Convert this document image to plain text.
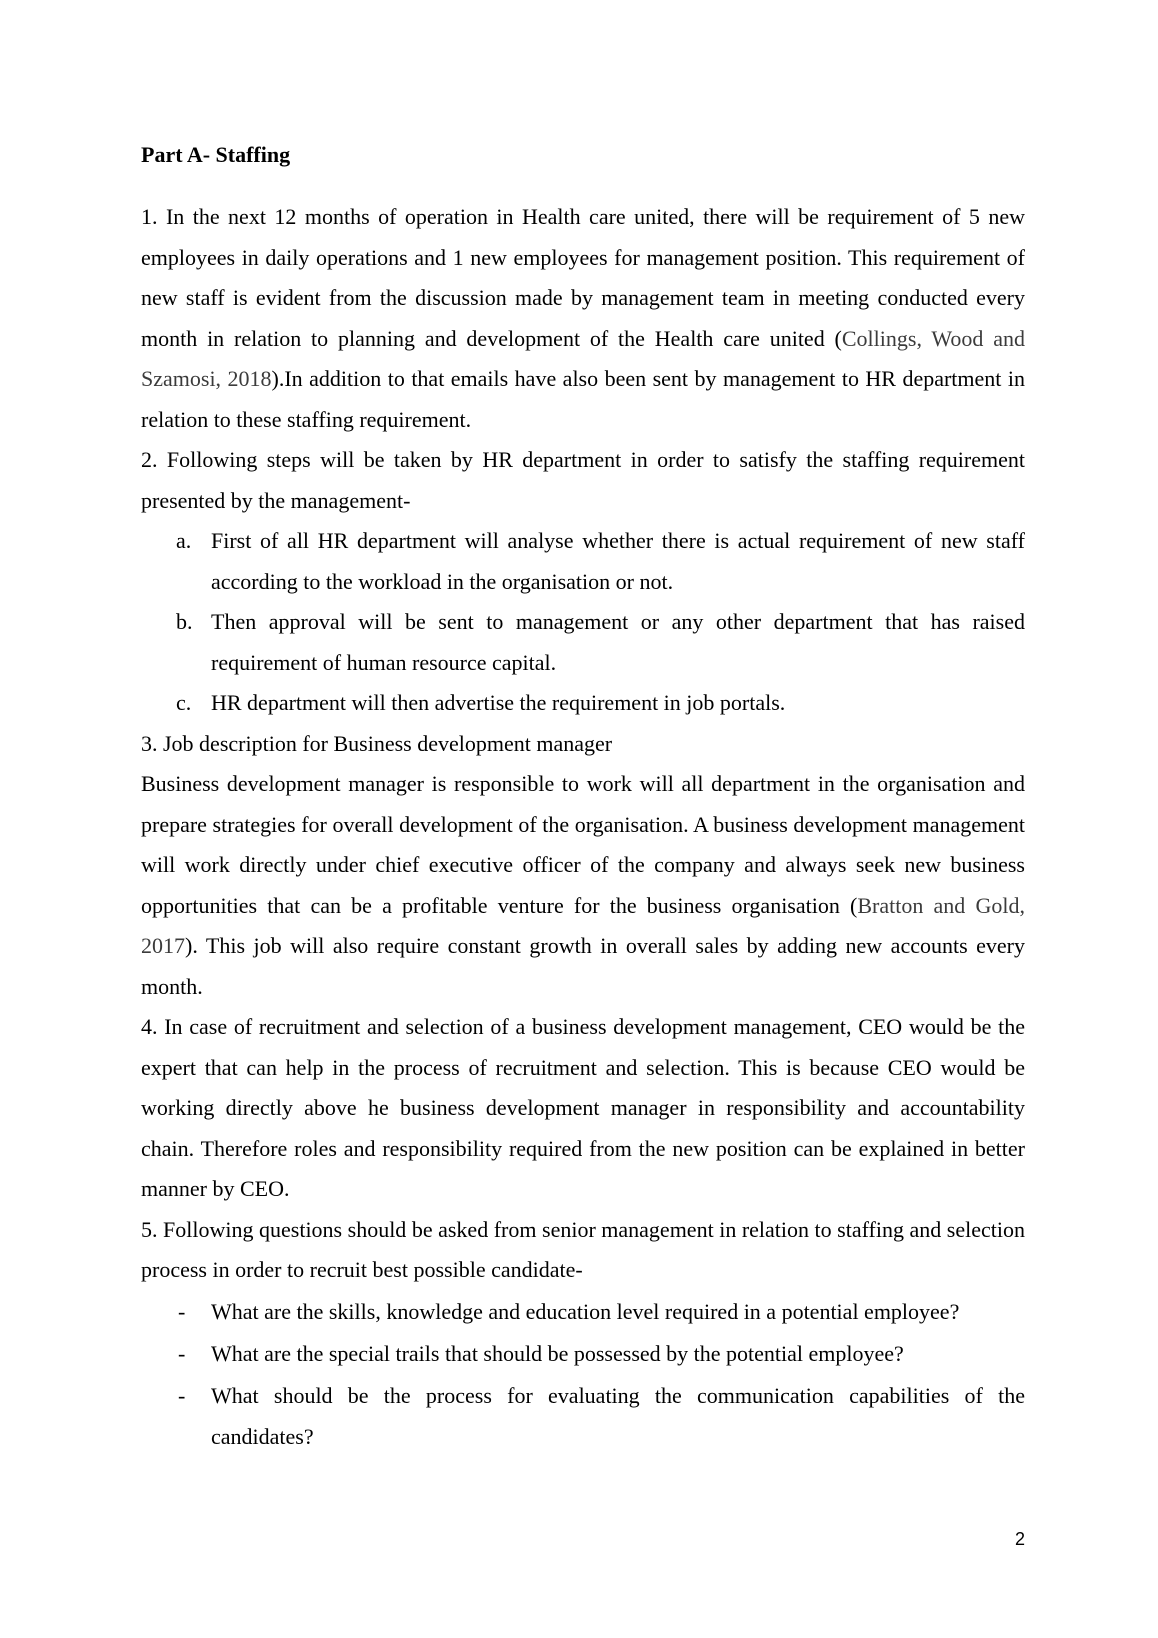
Part A- Staffing

1. In the next 12 months of operation in Health care united, there will be requirement of 5 new employees in daily operations and 1 new employees for management position. This requirement of new staff is evident from the discussion made by management team in meeting conducted every month in relation to planning and development of the Health care united (Collings, Wood and Szamosi, 2018).In addition to that emails have also been sent by management to HR department in relation to these staffing requirement.

2. Following steps will be taken by HR department in order to satisfy the staffing requirement presented by the management-

a. First of all HR department will analyse whether there is actual requirement of new staff according to the workload in the organisation or not.
b. Then approval will be sent to management or any other department that has raised requirement of human resource capital.
c. HR department will then advertise the requirement in job portals.

3. Job description for Business development manager

Business development manager is responsible to work will all department in the organisation and prepare strategies for overall development of the organisation. A business development management will work directly under chief executive officer of the company and always seek new business opportunities that can be a profitable venture for the business organisation (Bratton and Gold, 2017). This job will also require constant growth in overall sales by adding new accounts every month.

4. In case of recruitment and selection of a business development management, CEO would be the expert that can help in the process of recruitment and selection. This is because CEO would be working directly above he business development manager in responsibility and accountability chain. Therefore roles and responsibility required from the new position can be explained in better manner by CEO.

5. Following questions should be asked from senior management in relation to staffing and selection process in order to recruit best possible candidate-

- What are the skills, knowledge and education level required in a potential employee?
- What are the special trails that should be possessed by the potential employee?
- What should be the process for evaluating the communication capabilities of the candidates?
2
